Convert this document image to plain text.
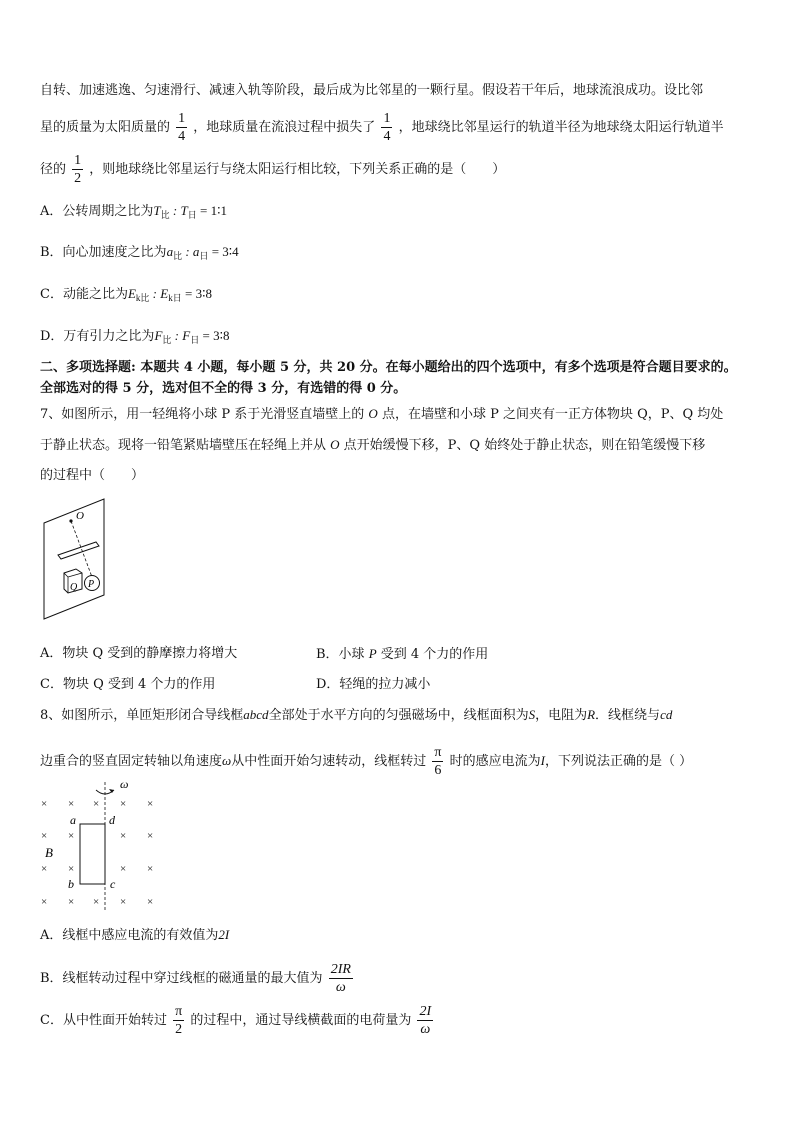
自转、加速逃逸、匀速滑行、减速入轨等阶段，最后成为比邻星的一颗行星。假设若干年后，地球流浪成功。设比邻
星的质量为太阳质量的 $\frac{1}{4}$ ，地球质量在流浪过程中损失了 $\frac{1}{4}$ ，地球绕比邻星运行的轨道半径为地球绕太阳运行轨道半
径的 $\frac{1}{2}$ ，则地球绕比邻星运行与绕太阳运行相比较，下列关系正确的是（　　）
A．公转周期之比为$T_比$ : $T_日$ = 1∶1
B．向心加速度之比为$a_比$ : $a_日$ = 3∶4
C．动能之比为$E_{k比}$ : $E_{k日}$ = 3∶8
D．万有引力之比为$F_比$ : $F_日$ = 3∶8
二、多项选择题: 本题共 4 小题，每小题 5 分，共 20 分。在每小题给出的四个选项中，有多个选项是符合题目要求的。
全部选对的得 5 分，选对但不全的得 3 分，有选错的得 0 分。
7、如图所示，用一轻绳将小球 P 系于光滑竖直墙壁上的 O 点，在墙壁和小球 P 之间夹有一正方体物块 Q，P、Q 均处
于静止状态。现将一铅笔紧贴墙壁压在轻绳上并从 O 点开始缓慢下移，P、Q 始终处于静止状态，则在铅笔缓慢下移
的过程中（　　）
O
Q P
A．物块 Q 受到的静摩擦力将增大	B．小球 P 受到 4 个力的作用
C．物块 Q 受到 4 个力的作用	D．轻绳的拉力减小
8、如图所示，单匝矩形闭合导线框abcd全部处于水平方向的匀强磁场中，线框面积为S，电阻为R．线框绕与cd
边重合的竖直固定转轴以角速度ω从中性面开始匀速转动，线框转过 $\frac{\pi}{6}$ 时的感应电流为I，下列说法正确的是（ ）
× ×	× ×
× ×	× ×
× ×	× ×
× × × × ×
×
ω
a	d
b	c
B
A．线框中感应电流的有效值为2I
B．线框转动过程中穿过线框的磁通量的最大值为 $\frac{2IR}{\omega}$
C．从中性面开始转过 $\frac{\pi}{2}$ 的过程中，通过导线横截面的电荷量为 $\frac{2I}{\omega}$
